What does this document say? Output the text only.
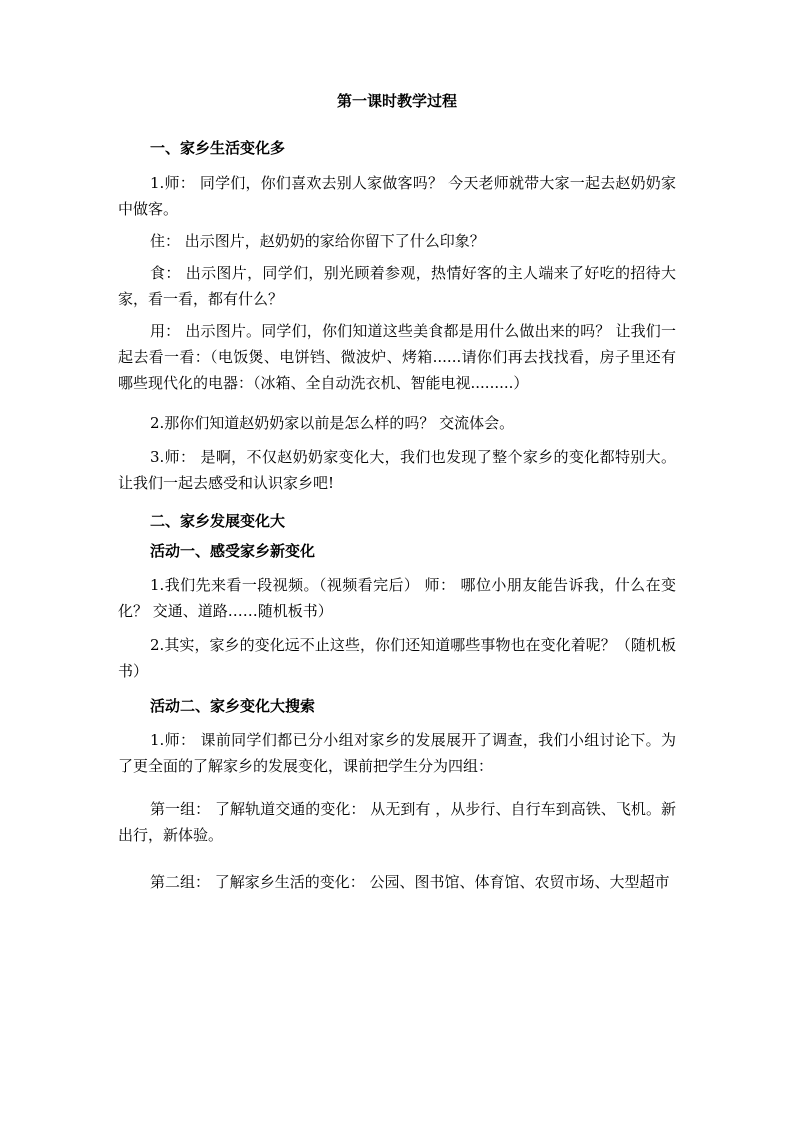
第一课时教学过程
一、家乡生活变化多
1.师： 同学们，你们喜欢去别人家做客吗？ 今天老师就带大家一起去赵奶奶家中做客。
住： 出示图片，赵奶奶的家给你留下了什么印象？
食： 出示图片，同学们，别光顾着参观，热情好客的主人端来了好吃的招待大家，看一看，都有什么？
用： 出示图片。同学们，你们知道这些美食都是用什么做出来的吗？ 让我们一起去看一看：（电饭煲、电饼铛、微波炉、烤箱......请你们再去找找看，房子里还有哪些现代化的电器：（冰箱、全自动洗衣机、智能电视.........）
2.那你们知道赵奶奶家以前是怎么样的吗？ 交流体会。
3.师： 是啊，不仅赵奶奶家变化大，我们也发现了整个家乡的变化都特别大。让我们一起去感受和认识家乡吧!
二、家乡发展变化大
活动一、感受家乡新变化
1.我们先来看一段视频。（视频看完后） 师： 哪位小朋友能告诉我，什么在变化？ 交通、道路……随机板书）
2.其实，家乡的变化远不止这些，你们还知道哪些事物也在变化着呢？（随机板书）
活动二、家乡变化大搜索
1.师： 课前同学们都已分小组对家乡的发展展开了调查，我们小组讨论下。为了更全面的了解家乡的发展变化，课前把学生分为四组：
第一组： 了解轨道交通的变化： 从无到有 ，从步行、自行车到高铁、飞机。新出行，新体验。
第二组： 了解家乡生活的变化： 公园、图书馆、体育馆、农贸市场、大型超市
